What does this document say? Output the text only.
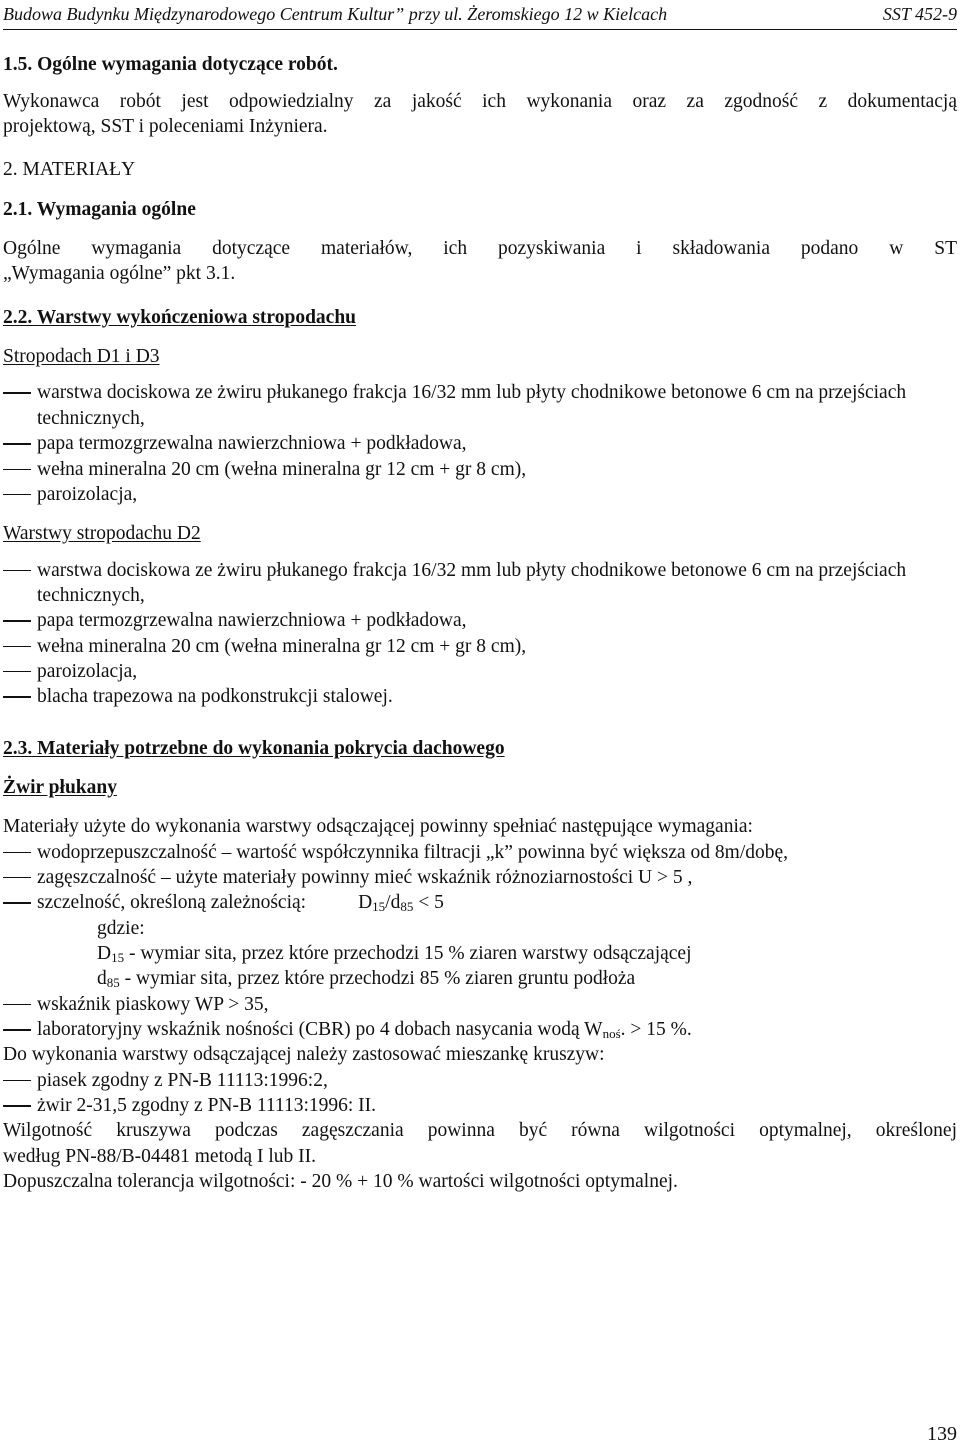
Budowa Budynku Międzynarodowego Centrum Kultur” przy ul. Żeromskiego 12 w Kielcach	SST 452-9

1.5. Ogólne wymagania dotyczące robót.

Wykonawca robót jest odpowiedzialny za jakość ich wykonania oraz za zgodność z dokumentacją

projektową, SST i poleceniami Inżyniera.

2. MATERIAŁY

2.1. Wymagania ogólne

Ogólne wymagania dotyczące materiałów, ich pozyskiwania i składowania podano w ST

„Wymagania ogólne” pkt 3.1.

2.2. Warstwy wykończeniowa stropodachu

Stropodach D1 i D3

warstwa dociskowa ze żwiru płukanego frakcja 16/32 mm lub płyty chodnikowe betonowe 6 cm na przejściach technicznych,
papa termozgrzewalna nawierzchniowa + podkładowa,
wełna mineralna 20 cm (wełna mineralna gr 12 cm + gr 8 cm),
paroizolacja,

Warstwy stropodachu D2

warstwa dociskowa ze żwiru płukanego frakcja 16/32 mm lub płyty chodnikowe betonowe 6 cm na przejściach technicznych,
papa termozgrzewalna nawierzchniowa + podkładowa,
wełna mineralna 20 cm (wełna mineralna gr 12 cm + gr 8 cm),
paroizolacja,
blacha trapezowa na podkonstrukcji stalowej.

2.3. Materiały potrzebne do wykonania pokrycia dachowego

Żwir płukany

Materiały użyte do wykonania warstwy odsączającej powinny spełniać następujące wymagania:

wodoprzepuszczalność – wartość współczynnika filtracji „k” powinna być większa od 8m/dobę,
zagęszczalność – użyte materiały powinny mieć wskaźnik różnoziarnostości U > 5 ,
szczelność, określoną zależnością:	$D_{15}/d_{85} < 5$

gdzie:

$D_{15}$ - wymiar sita, przez które przechodzi 15 % ziaren warstwy odsączającej

$d_{85}$ - wymiar sita, przez które przechodzi 85 % ziaren gruntu podłoża

wskaźnik piaskowy WP > 35,
laboratoryjny wskaźnik nośności (CBR) po 4 dobach nasycania wodą $W_{noś}$. > 15 %.

Do wykonania warstwy odsączającej należy zastosować mieszankę kruszyw:

piasek zgodny z PN-B 11113:1996:2,
żwir 2-31,5 zgodny z PN-B 11113:1996: II.

Wilgotność kruszywa podczas zagęszczania powinna być równa wilgotności optymalnej, określonej

według PN-88/B-04481 metodą I lub II.

Dopuszczalna tolerancja wilgotności: - 20 % + 10 % wartości wilgotności optymalnej.

139
